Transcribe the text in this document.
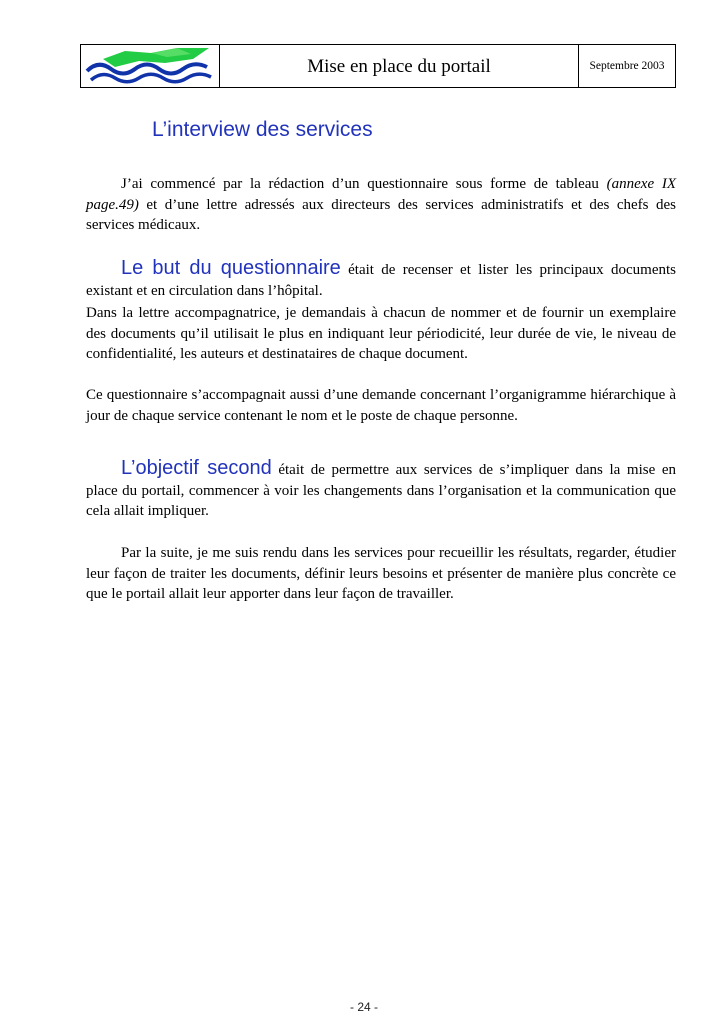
Mise en place du portail	Septembre 2003
L’interview des services

J’ai commencé par la rédaction d’un questionnaire sous forme de tableau (annexe IX page.49) et d’une lettre adressés aux directeurs des services administratifs et des chefs des services médicaux.

Le but du questionnaire était de recenser et lister les principaux documents existant et en circulation dans l’hôpital.

Dans la lettre accompagnatrice, je demandais à chacun de nommer et de fournir un exemplaire des documents qu’il utilisait le plus en indiquant leur périodicité, leur durée de vie, le niveau de confidentialité, les auteurs et destinataires de chaque document.

Ce questionnaire s’accompagnait aussi d’une demande concernant l’organigramme hiérarchique à jour de chaque service contenant le nom et le poste de chaque personne.

L’objectif second était de permettre aux services de s’impliquer dans la mise en place du portail, commencer à voir les changements dans l’organisation et la communication que cela allait impliquer.

Par la suite, je me suis rendu dans les services pour recueillir les résultats, regarder, étudier leur façon de traiter les documents, définir leurs besoins et présenter de manière plus concrète ce que le portail allait leur apporter dans leur façon de travailler.

- 24 -
